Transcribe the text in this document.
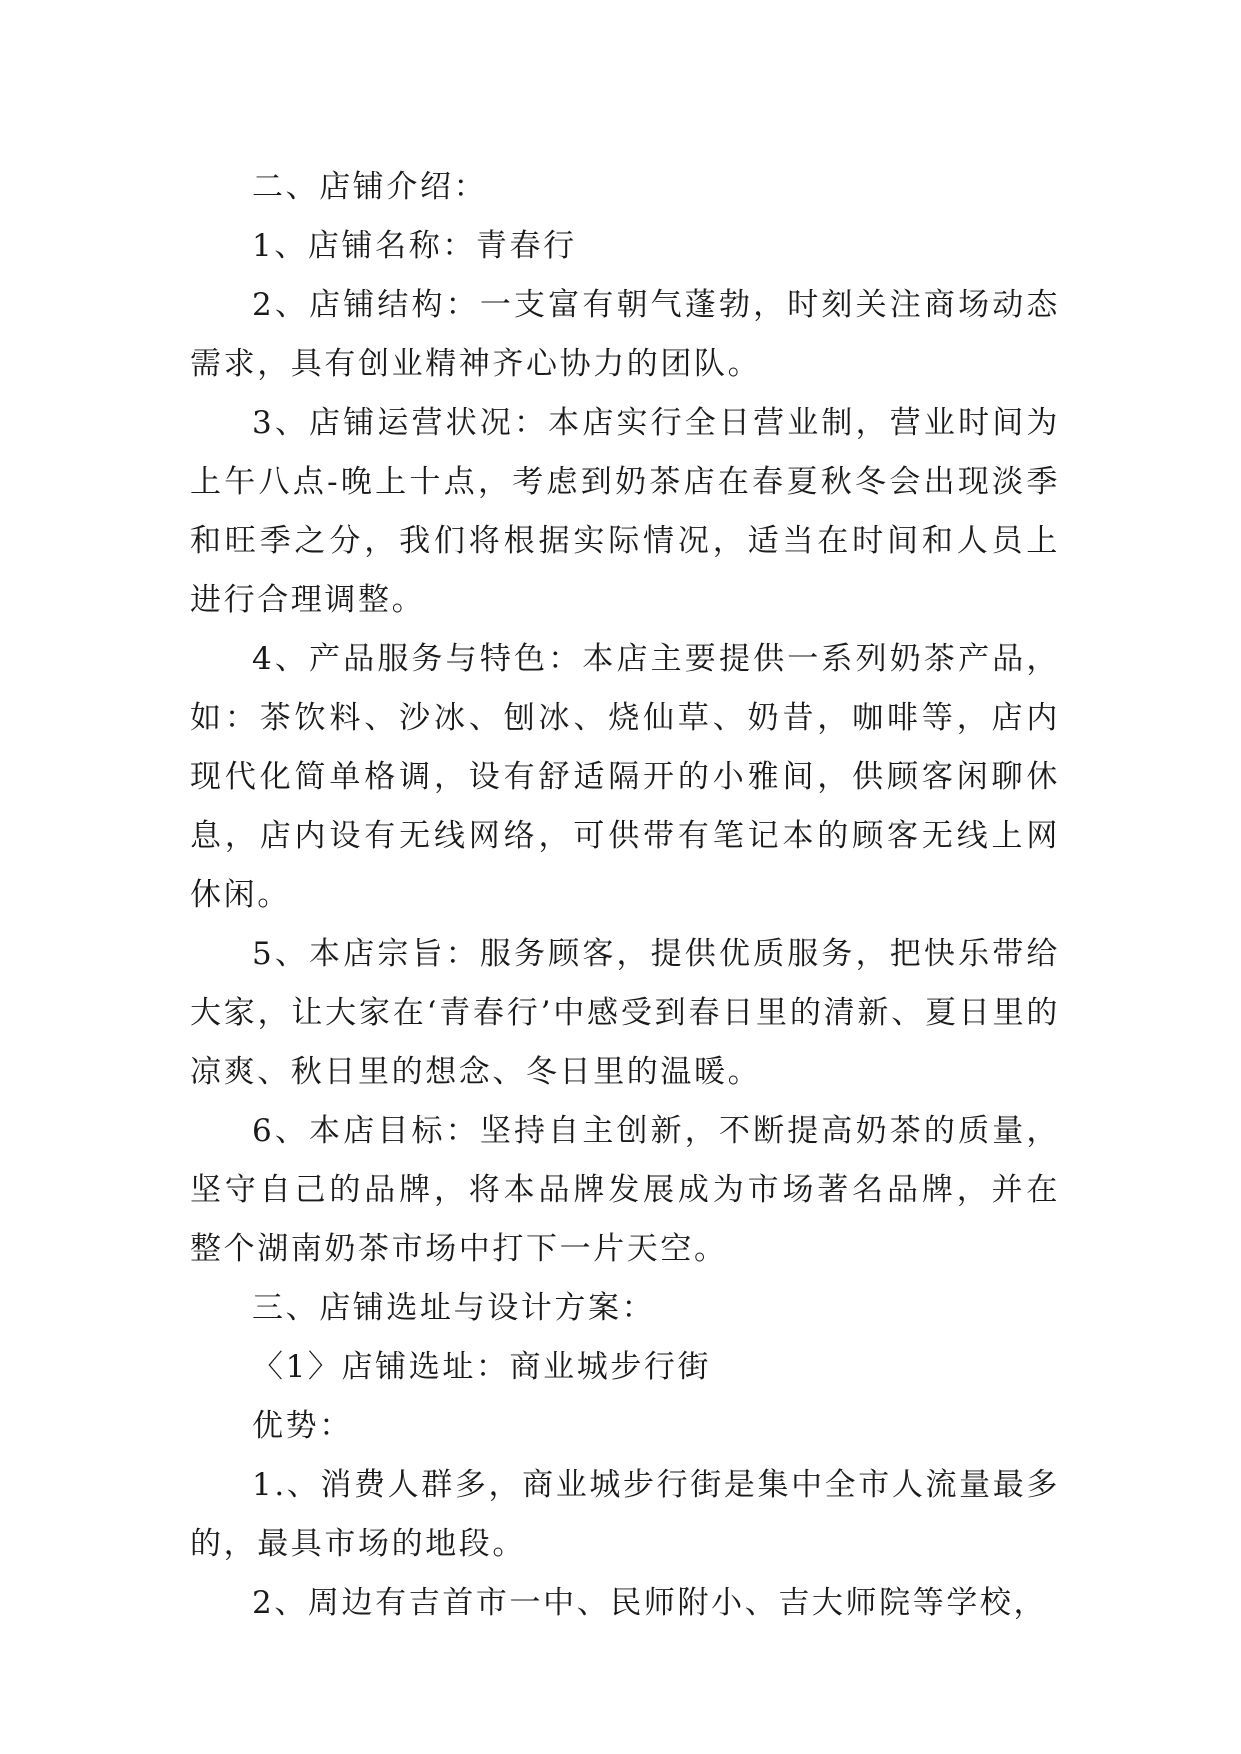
二、店铺介绍：

1、店铺名称：青春行

2、店铺结构：一支富有朝气蓬勃，时刻关注商场动态需求，具有创业精神齐心协力的团队。

3、店铺运营状况：本店实行全日营业制，营业时间为上午八点-晚上十点，考虑到奶茶店在春夏秋冬会出现淡季和旺季之分，我们将根据实际情况，适当在时间和人员上进行合理调整。

4、产品服务与特色：本店主要提供一系列奶茶产品，如：茶饮料、沙冰、刨冰、烧仙草、奶昔，咖啡等，店内现代化简单格调，设有舒适隔开的小雅间，供顾客闲聊休息，店内设有无线网络，可供带有笔记本的顾客无线上网休闲。

5、本店宗旨：服务顾客，提供优质服务，把快乐带给大家，让大家在‘青春行’中感受到春日里的清新、夏日里的凉爽、秋日里的想念、冬日里的温暖。

6、本店目标：坚持自主创新，不断提高奶茶的质量，坚守自己的品牌，将本品牌发展成为市场著名品牌，并在整个湖南奶茶市场中打下一片天空。

三、店铺选址与设计方案：

〈1〉店铺选址：商业城步行街

优势：

1.、消费人群多，商业城步行街是集中全市人流量最多的，最具市场的地段。

2、周边有吉首市一中、民师附小、吉大师院等学校，
